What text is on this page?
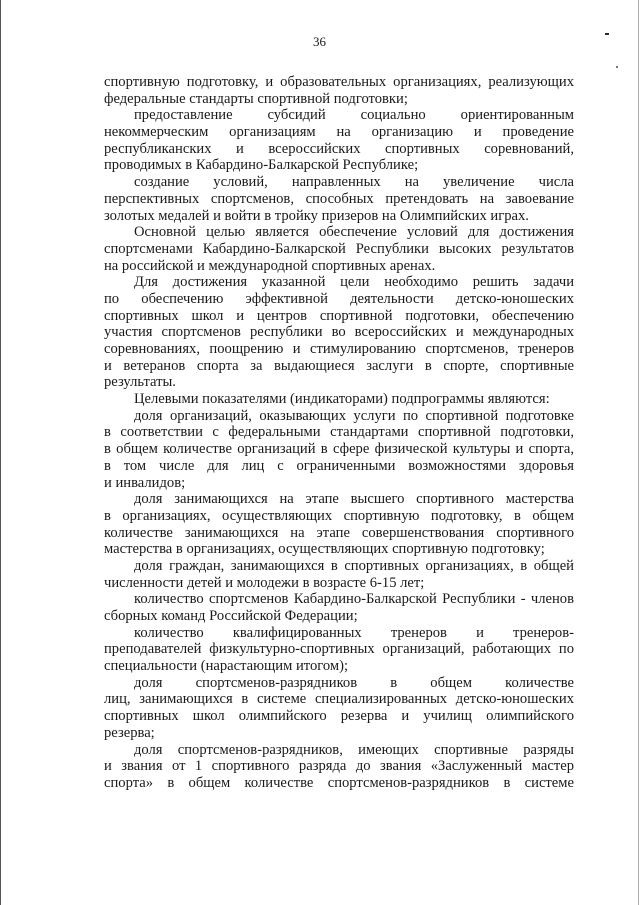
36
спортивную подготовку, и образовательных организациях, реализующих
федеральные стандарты спортивной подготовки;
предоставление субсидий социально ориентированным
некоммерческим организациям на организацию и проведение
республиканских и всероссийских спортивных соревнований,
проводимых в Кабардино-Балкарской Республике;
создание условий, направленных на увеличение числа
перспективных спортсменов, способных претендовать на завоевание
золотых медалей и войти в тройку призеров на Олимпийских играх.
Основной целью является обеспечение условий для достижения
спортсменами Кабардино-Балкарской Республики высоких результатов
на российской и международной спортивных аренах.
Для достижения указанной цели необходимо решить задачи
по обеспечению эффективной деятельности детско-юношеских
спортивных школ и центров спортивной подготовки, обеспечению
участия спортсменов республики во всероссийских и международных
соревнованиях, поощрению и стимулированию спортсменов, тренеров
и ветеранов спорта за выдающиеся заслуги в спорте, спортивные
результаты.
Целевыми показателями (индикаторами) подпрограммы являются:
доля организаций, оказывающих услуги по спортивной подготовке
в соответствии с федеральными стандартами спортивной подготовки,
в общем количестве организаций в сфере физической культуры и спорта,
в том числе для лиц с ограниченными возможностями здоровья
и инвалидов;
доля занимающихся на этапе высшего спортивного мастерства
в организациях, осуществляющих спортивную подготовку, в общем
количестве занимающихся на этапе совершенствования спортивного
мастерства в организациях, осуществляющих спортивную подготовку;
доля граждан, занимающихся в спортивных организациях, в общей
численности детей и молодежи в возрасте 6-15 лет;
количество спортсменов Кабардино-Балкарской Республики - членов
сборных команд Российской Федерации;
количество квалифицированных тренеров и тренеров-
преподавателей физкультурно-спортивных организаций, работающих по
специальности (нарастающим итогом);
доля спортсменов-разрядников в общем количестве
лиц, занимающихся в системе специализированных детско-юношеских
спортивных школ олимпийского резерва и училищ олимпийского
резерва;
доля спортсменов-разрядников, имеющих спортивные разряды
и звания от 1 спортивного разряда до звания «Заслуженный мастер
спорта» в общем количестве спортсменов-разрядников в системе
